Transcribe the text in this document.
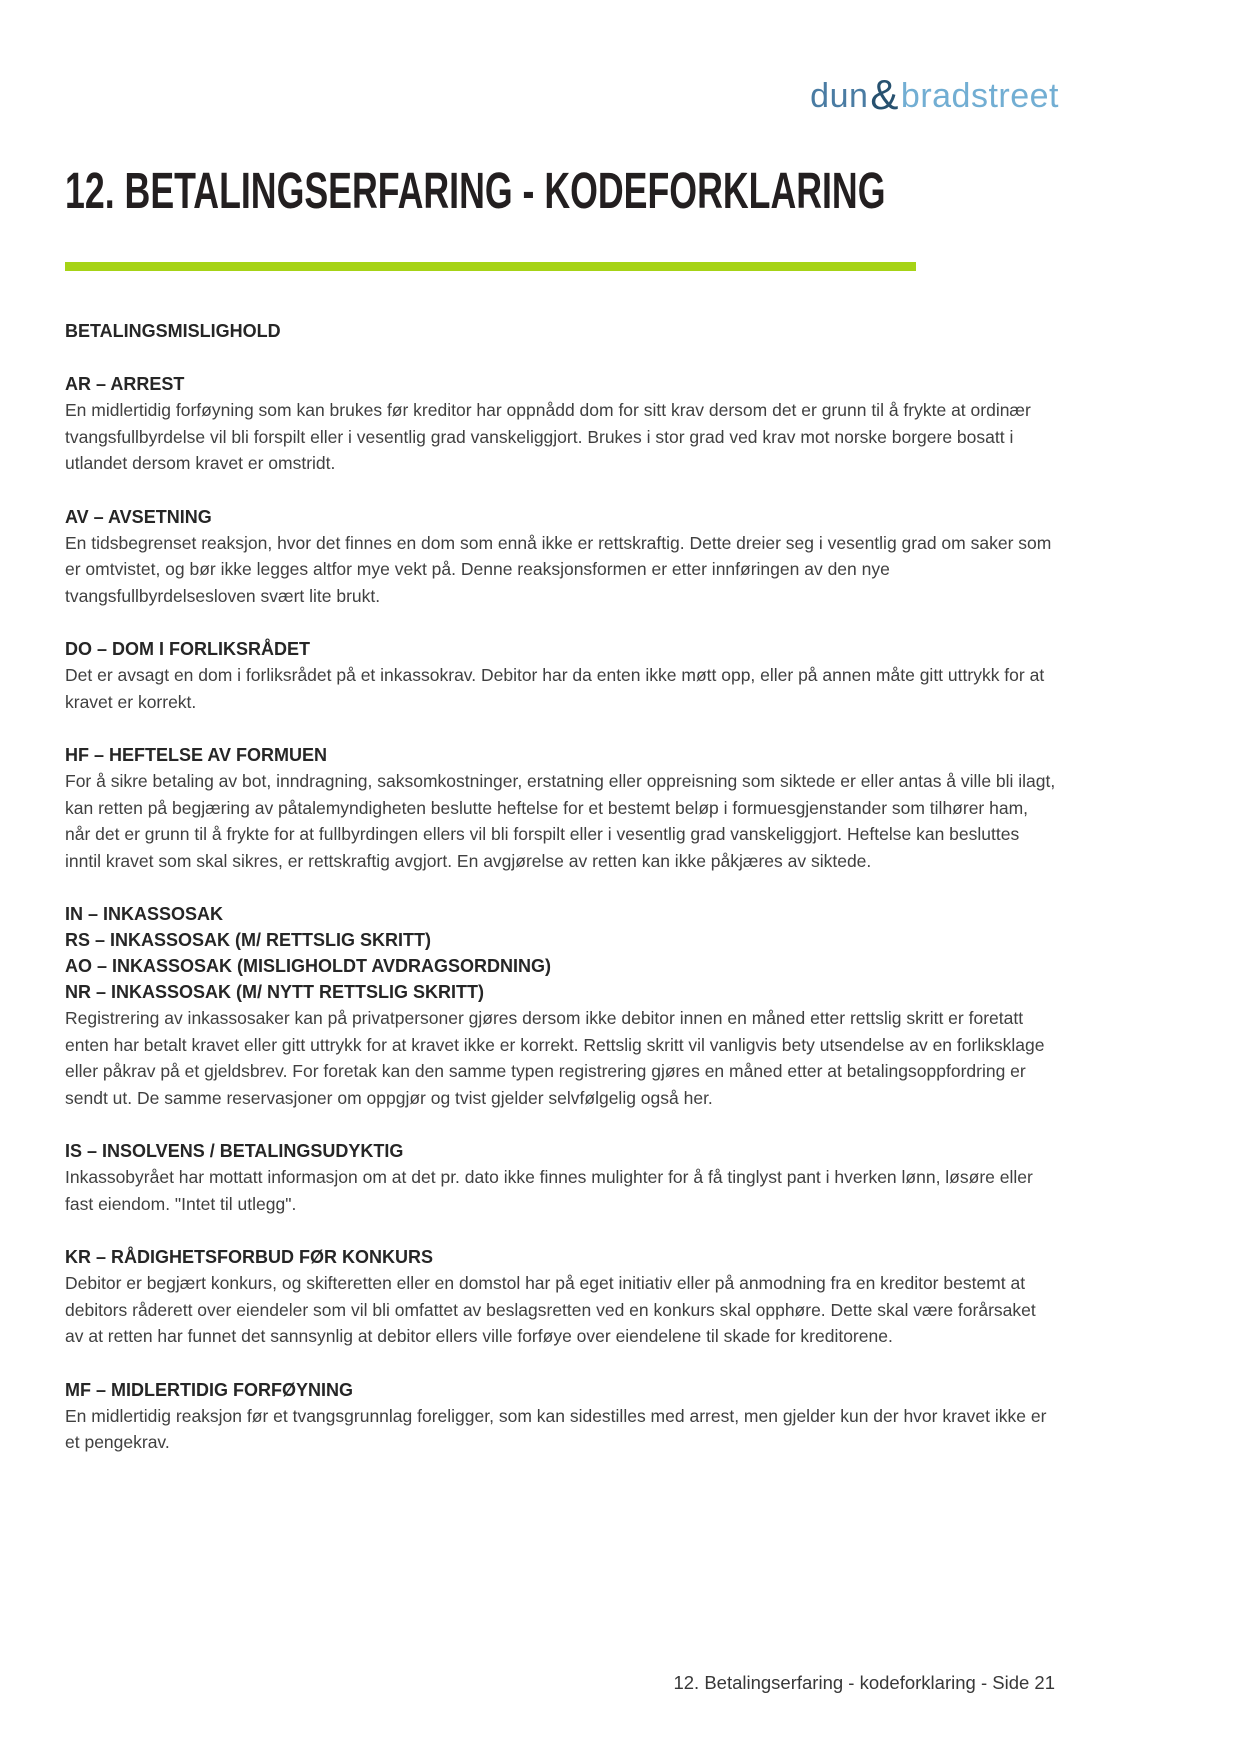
dun&bradstreet
12. BETALINGSERFARING - KODEFORKLARING
BETALINGSMISLIGHOLD
AR – ARREST

En midlertidig forføyning som kan brukes før kreditor har oppnådd dom for sitt krav dersom det er grunn til å frykte at ordinær tvangsfullbyrdelse vil bli forspilt eller i vesentlig grad vanskeliggjort. Brukes i stor grad ved krav mot norske borgere bosatt i utlandet dersom kravet er omstridt.

AV – AVSETNING

En tidsbegrenset reaksjon, hvor det finnes en dom som ennå ikke er rettskraftig. Dette dreier seg i vesentlig grad om saker som er omtvistet, og bør ikke legges altfor mye vekt på. Denne reaksjonsformen er etter innføringen av den nye tvangsfullbyrdelsesloven svært lite brukt.

DO – DOM I FORLIKSRÅDET

Det er avsagt en dom i forliksrådet på et inkassokrav. Debitor har da enten ikke møtt opp, eller på annen måte gitt uttrykk for at kravet er korrekt.

HF – HEFTELSE AV FORMUEN

For å sikre betaling av bot, inndragning, saksomkostninger, erstatning eller oppreisning som siktede er eller antas å ville bli ilagt, kan retten på begjæring av påtalemyndigheten beslutte heftelse for et bestemt beløp i formuesgjenstander som tilhører ham, når det er grunn til å frykte for at fullbyrdingen ellers vil bli forspilt eller i vesentlig grad vanskeliggjort. Heftelse kan besluttes inntil kravet som skal sikres, er rettskraftig avgjort. En avgjørelse av retten kan ikke påkjæres av siktede.

IN – INKASSOSAK
RS – INKASSOSAK (M/ RETTSLIG SKRITT)
AO – INKASSOSAK (MISLIGHOLDT AVDRAGSORDNING)
NR – INKASSOSAK (M/ NYTT RETTSLIG SKRITT)

Registrering av inkassosaker kan på privatpersoner gjøres dersom ikke debitor innen en måned etter rettslig skritt er foretatt enten har betalt kravet eller gitt uttrykk for at kravet ikke er korrekt. Rettslig skritt vil vanligvis bety utsendelse av en forliksklage eller påkrav på et gjeldsbrev. For foretak kan den samme typen registrering gjøres en måned etter at betalingsoppfordring er sendt ut. De samme reservasjoner om oppgjør og tvist gjelder selvfølgelig også her.

IS – INSOLVENS / BETALINGSUDYKTIG

Inkassobyrået har mottatt informasjon om at det pr. dato ikke finnes mulighter for å få tinglyst pant i hverken lønn, løsøre eller fast eiendom. "Intet til utlegg".

KR – RÅDIGHETSFORBUD FØR KONKURS

Debitor er begjært konkurs, og skifteretten eller en domstol har på eget initiativ eller på anmodning fra en kreditor bestemt at debitors råderett over eiendeler som vil bli omfattet av beslagsretten ved en konkurs skal opphøre. Dette skal være forårsaket av at retten har funnet det sannsynlig at debitor ellers ville forføye over eiendelene til skade for kreditorene.

MF – MIDLERTIDIG FORFØYNING

En midlertidig reaksjon før et tvangsgrunnlag foreligger, som kan sidestilles med arrest, men gjelder kun der hvor kravet ikke er et pengekrav.

12. Betalingserfaring - kodeforklaring - Side 21
